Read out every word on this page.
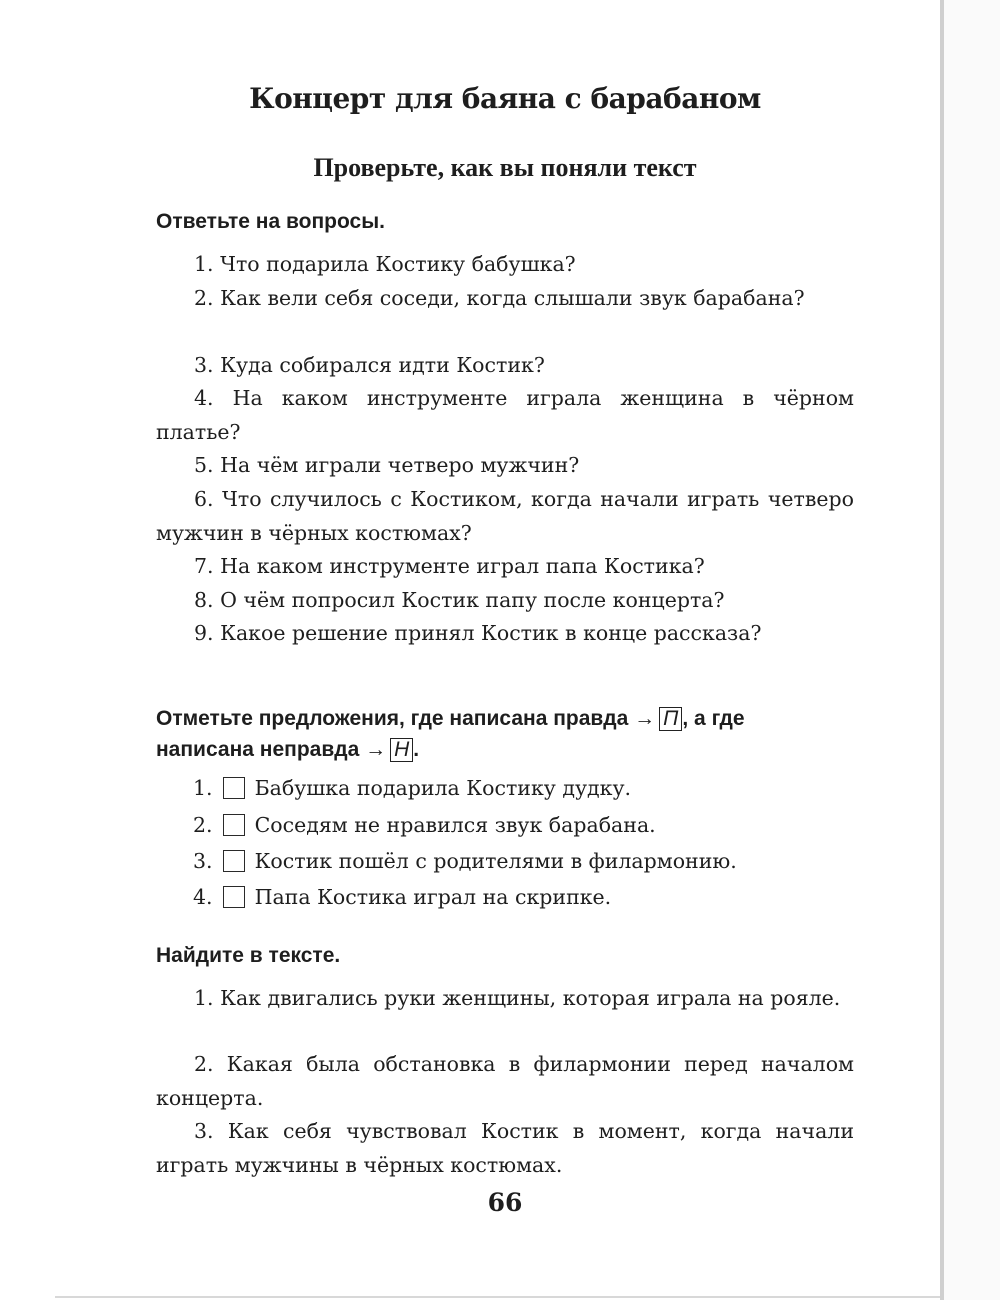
Концерт для баяна с барабаном
Проверьте, как вы поняли текст
Ответьте на вопросы.

1. Что подарила Костику бабушка?

2. Как вели себя соседи, когда слышали звук барабана?

3. Куда собирался идти Костик?

4. На каком инструменте играла женщина в чёрном платье?

5. На чём играли четверо мужчин?

6. Что случилось с Костиком, когда начали играть четверо мужчин в чёрных костюмах?

7. На каком инструменте играл папа Костика?

8. О чём попросил Костик папу после концерта?

9. Какое решение принял Костик в конце рассказа?

Отметьте предложения, где написана правда → П , а где
написана неправда → Н .
1. Бабушка подарила Костику дудку.
2. Соседям не нравился звук барабана.
3. Костик пошёл с родителями в филармонию.
4. Папа Костика играл на скрипке.
Найдите в тексте.

1. Как двигались руки женщины, которая играла на рояле.

2. Какая была обстановка в филармонии перед началом концерта.

3. Как себя чувствовал Костик в момент, когда начали играть мужчины в чёрных костюмах.

66
